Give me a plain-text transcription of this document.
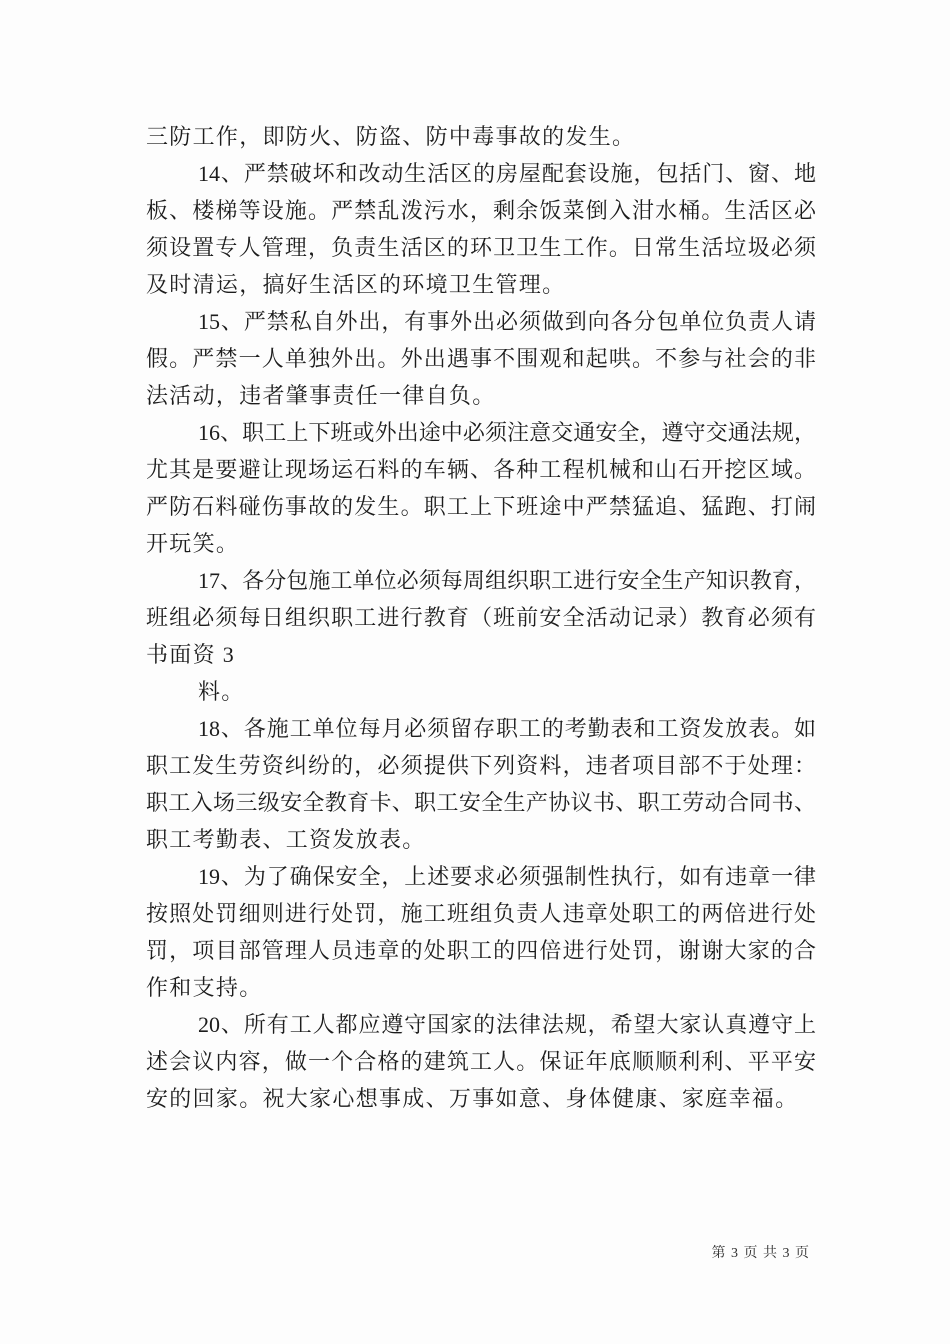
三防工作，即防火、防盗、防中毒事故的发生。
14、严禁破坏和改动生活区的房屋配套设施，包括门、窗、地
板、楼梯等设施。严禁乱泼污水，剩余饭菜倒入泔水桶。生活区必
须设置专人管理，负责生活区的环卫卫生工作。日常生活垃圾必须
及时清运，搞好生活区的环境卫生管理。
15、严禁私自外出，有事外出必须做到向各分包单位负责人请
假。严禁一人单独外出。外出遇事不围观和起哄。不参与社会的非
法活动，违者肇事责任一律自负。
16、职工上下班或外出途中必须注意交通安全，遵守交通法规，
尤其是要避让现场运石料的车辆、各种工程机械和山石开挖区域。
严防石料碰伤事故的发生。职工上下班途中严禁猛追、猛跑、打闹
开玩笑。
17、各分包施工单位必须每周组织职工进行安全生产知识教育，
班组必须每日组织职工进行教育（班前安全活动记录）教育必须有
书面资 3
料。
18、各施工单位每月必须留存职工的考勤表和工资发放表。如
职工发生劳资纠纷的，必须提供下列资料，违者项目部不于处理：
职工入场三级安全教育卡、职工安全生产协议书、职工劳动合同书、
职工考勤表、工资发放表。
19、为了确保安全，上述要求必须强制性执行，如有违章一律
按照处罚细则进行处罚，施工班组负责人违章处职工的两倍进行处
罚，项目部管理人员违章的处职工的四倍进行处罚，谢谢大家的合
作和支持。
20、所有工人都应遵守国家的法律法规，希望大家认真遵守上
述会议内容，做一个合格的建筑工人。保证年底顺顺利利、平平安
安的回家。祝大家心想事成、万事如意、身体健康、家庭幸福。
第 3 页 共 3 页
